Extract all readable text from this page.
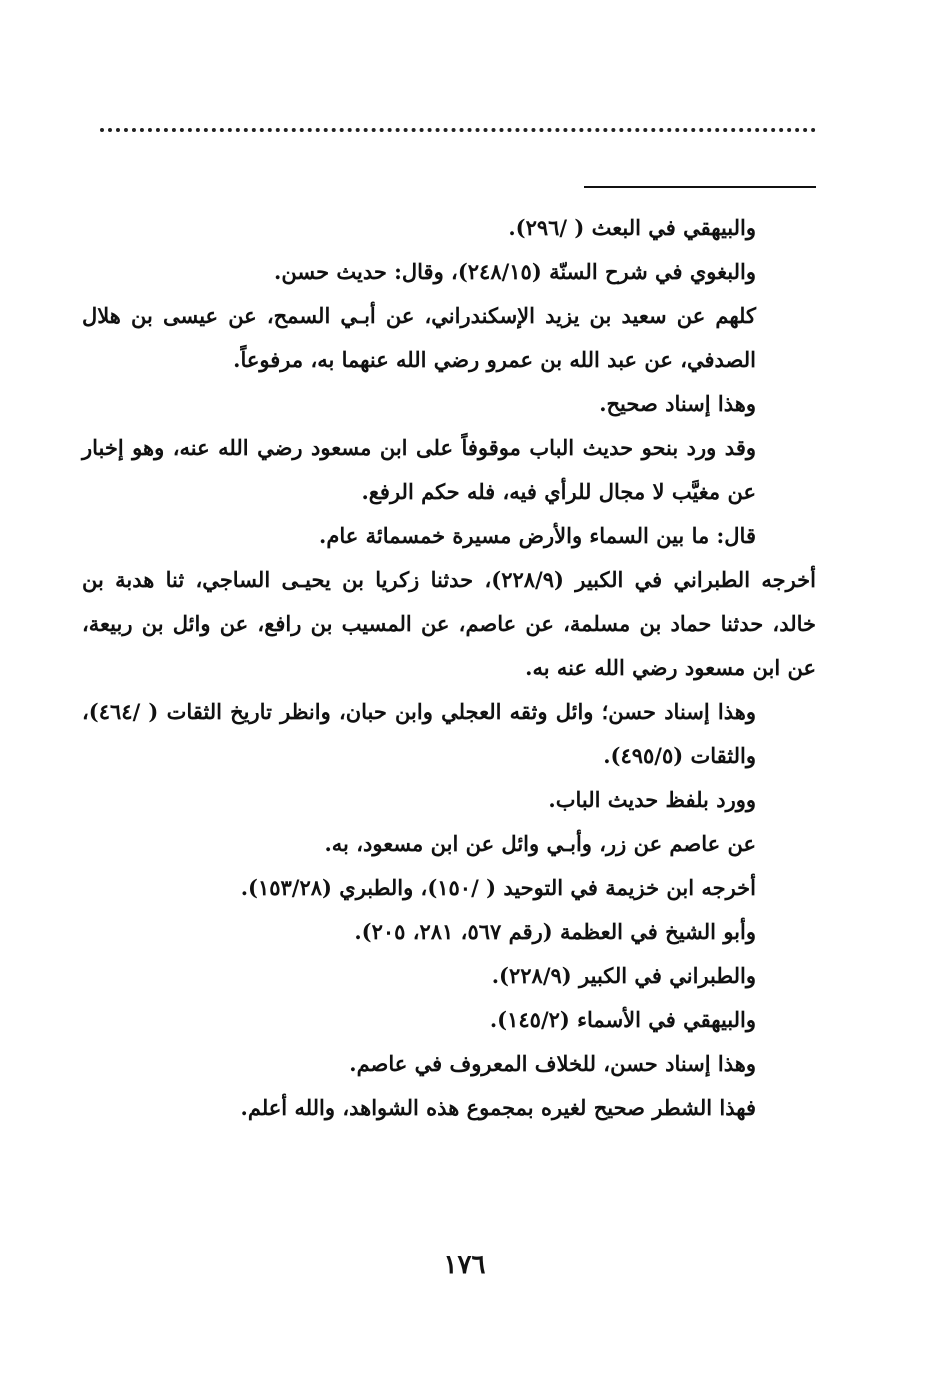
والبيهقي في البعث ( /٢٩٦).

والبغوي في شرح السنّة (٢٤٨/١٥)، وقال: حديث حسن.

كلهم عن سعيد بن يزيد الإسكندراني، عن أبـي السمح، عن عيسى بن هلال الصدفي، عن عبد الله بن عمرو رضي الله عنهما به، مرفوعاً.

وهذا إسناد صحيح.

وقد ورد بنحو حديث الباب موقوفاً على ابن مسعود رضي الله عنه، وهو إخبار عن مغيَّب لا مجال للرأي فيه، فله حكم الرفع.

قال: ما بين السماء والأرض مسيرة خمسمائة عام.

أخرجه الطبراني في الكبير (٢٢٨/٩)، حدثنا زكريا بن يحيـى الساجي، ثنا هدبة بن خالد، حدثنا حماد بن مسلمة، عن عاصم، عن المسيب بن رافع، عن وائل بن ربيعة، عن ابن مسعود رضي الله عنه به.

وهذا إسناد حسن؛ وائل وثقه العجلي وابن حبان، وانظر تاريخ الثقات ( /٤٦٤)، والثقات (٤٩٥/٥).

وورد بلفظ حديث الباب.

عن عاصم عن زر، وأبـي وائل عن ابن مسعود، به.

أخرجه ابن خزيمة في التوحيد ( /١٥٠)، والطبري (١٥٣/٢٨).

وأبو الشيخ في العظمة (رقم ٥٦٧، ٢٨١، ٢٠٥).

والطبراني في الكبير (٢٢٨/٩).

والبيهقي في الأسماء (١٤٥/٢).

وهذا إسناد حسن، للخلاف المعروف في عاصم.

فهذا الشطر صحيح لغيره بمجموع هذه الشواهد، والله أعلم.

١٧٦
